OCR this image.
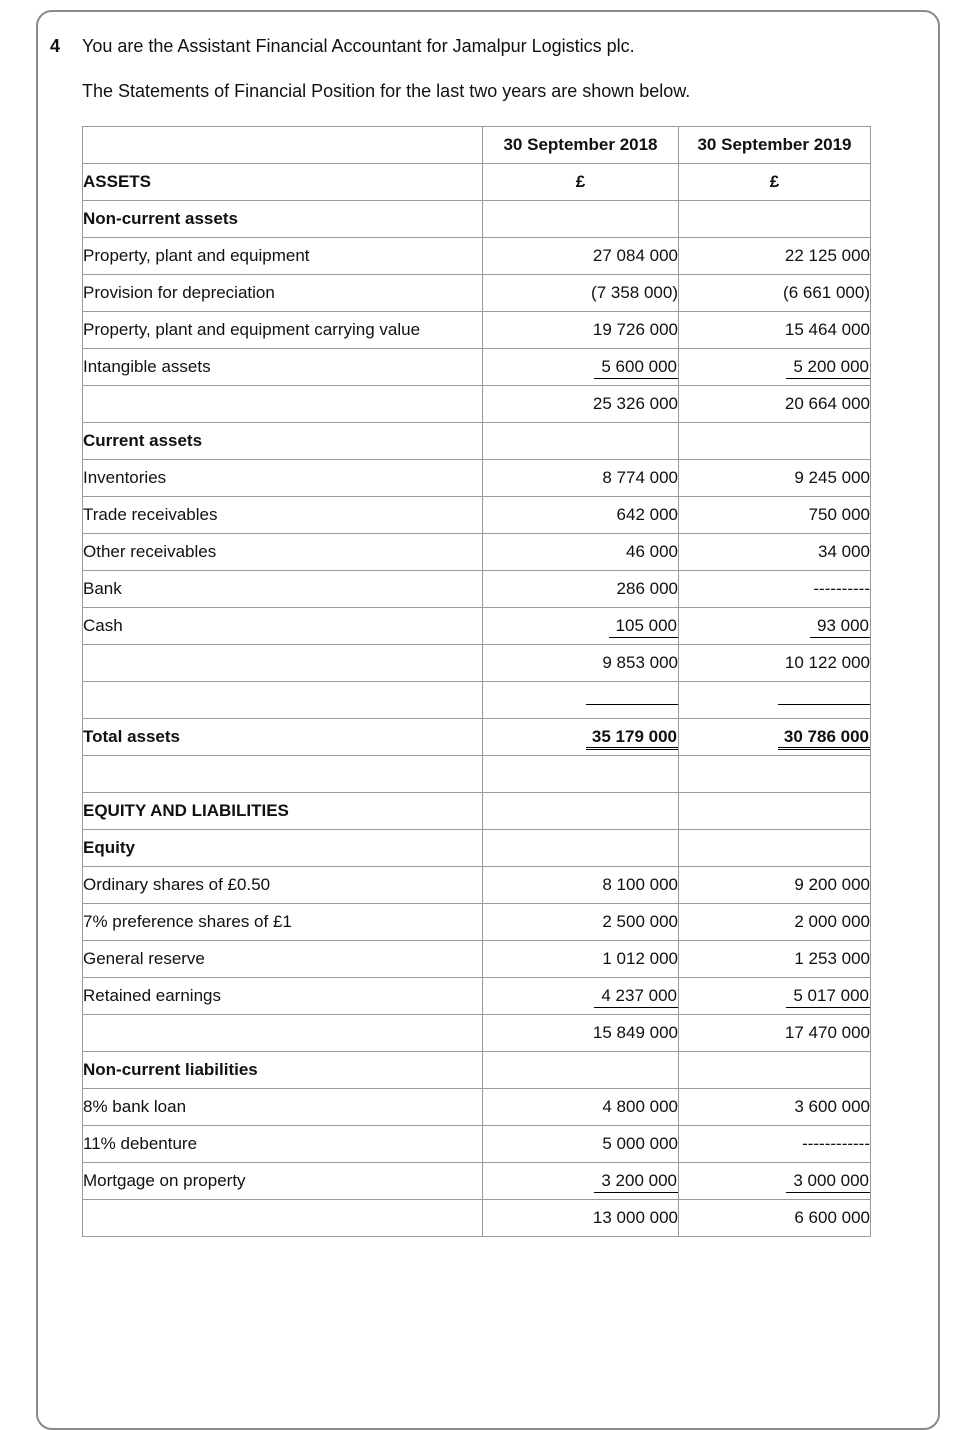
4	You are the Assistant Financial Accountant for Jamalpur Logistics plc.

The Statements of Financial Position for the last two years are shown below.

	30 September 2018	30 September 2019
ASSETS	£	£
Non-current assets		
Property, plant and equipment	27 084 000	22 125 000
Provision for depreciation	(7 358 000)	(6 661 000)
Property, plant and equipment carrying value	19 726 000	15 464 000
Intangible assets	5 600 000	5 200 000
	25 326 000	20 664 000
Current assets		
Inventories	8 774 000	9 245 000
Trade receivables	642 000	750 000
Other receivables	46 000	34 000
Bank	286 000	----------
Cash	105 000	93 000
	9 853 000	10 122 000

Total assets	35 179 000	30 786 000

EQUITY AND LIABILITIES		
Equity		
Ordinary shares of £0.50	8 100 000	9 200 000
7% preference shares of £1	2 500 000	2 000 000
General reserve	1 012 000	1 253 000
Retained earnings	4 237 000	5 017 000
	15 849 000	17 470 000
Non-current liabilities		
8% bank loan	4 800 000	3 600 000
11% debenture	5 000 000	------------
Mortgage on property	3 200 000	3 000 000
	13 000 000	6 600 000
